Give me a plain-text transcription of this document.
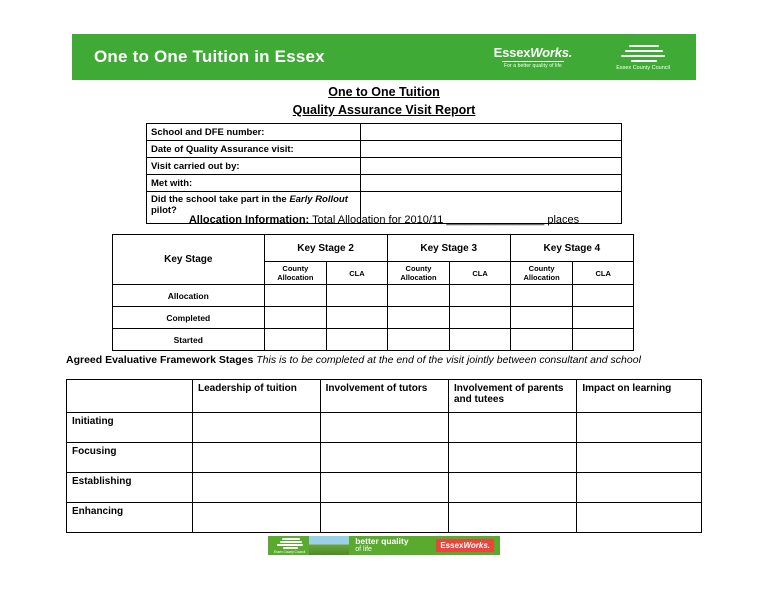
One to One Tuition in Essex	EssexWorks.
For a better quality of life	Essex County Council
One to One Tuition
Quality Assurance Visit Report
School and DFE number:	
Date of Quality Assurance visit:	
Visit carried out by:	
Met with:	
Did the school take part in the Early Rollout pilot?	
Allocation Information: Total Allocation for 2010/11 ________________ places
Key Stage	Key Stage 2		Key Stage 3		Key Stage 4	
	County Allocation	CLA	County Allocation	CLA	County Allocation	CLA
Allocation						
Completed						
Started						
Agreed Evaluative Framework Stages This is to be completed at the end of the visit jointly between consultant and school
	Leadership of tuition	Involvement of tutors	Involvement of parents and tutees	Impact on learning
Initiating				
Focusing				
Establishing				
Enhancing				
Essex County Council
better quality
of life	EssexWorks.
